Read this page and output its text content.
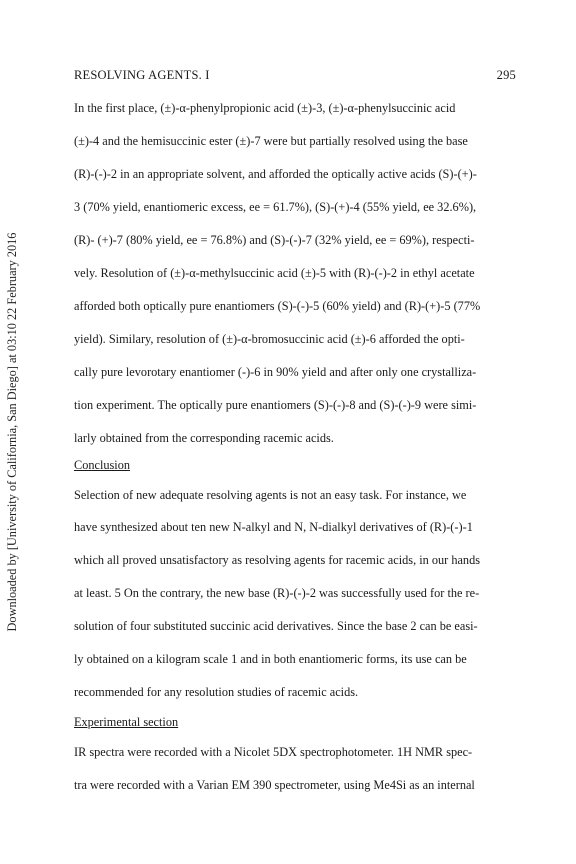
RESOLVING AGENTS. I	295
Downloaded by [University of California, San Diego] at 03:10 22 February 2016
In the first place, (±)-α-phenylpropionic acid (±)-3, (±)-α-phenylsuccinic acid
(±)-4 and the hemisuccinic ester (±)-7 were but partially resolved using the base
(R)-(-)-2 in an appropriate solvent, and afforded the optically active acids (S)-(+)-
3 (70% yield, enantiomeric excess, ee = 61.7%), (S)-(+)-4 (55% yield, ee 32.6%),
(R)- (+)-7 (80% yield, ee = 76.8%) and (S)-(-)-7 (32% yield, ee = 69%), respecti-
vely. Resolution of (±)-α-methylsuccinic acid (±)-5 with (R)-(-)-2 in ethyl acetate
afforded both optically pure enantiomers (S)-(-)-5 (60% yield) and (R)-(+)-5 (77%
yield). Similary, resolution of (±)-α-bromosuccinic acid (±)-6 afforded the opti-
cally pure levorotary enantiomer (-)-6 in 90% yield and after only one crystalliza-
tion experiment. The optically pure enantiomers (S)-(-)-8 and (S)-(-)-9 were simi-
larly obtained from the corresponding racemic acids.
Conclusion
Selection of new adequate resolving agents is not an easy task. For instance, we
have synthesized about ten new N-alkyl and N, N-dialkyl derivatives of (R)-(-)-1
which all proved unsatisfactory as resolving agents for racemic acids, in our hands
at least. 5 On the contrary, the new base (R)-(-)-2 was successfully used for the re-
solution of four substituted succinic acid derivatives. Since the base 2 can be easi-
ly obtained on a kilogram scale 1 and in both enantiomeric forms, its use can be
recommended for any resolution studies of racemic acids.
Experimental section
IR spectra were recorded with a Nicolet 5DX spectrophotometer. 1H NMR spec-
tra were recorded with a Varian EM 390 spectrometer, using Me4Si as an internal
